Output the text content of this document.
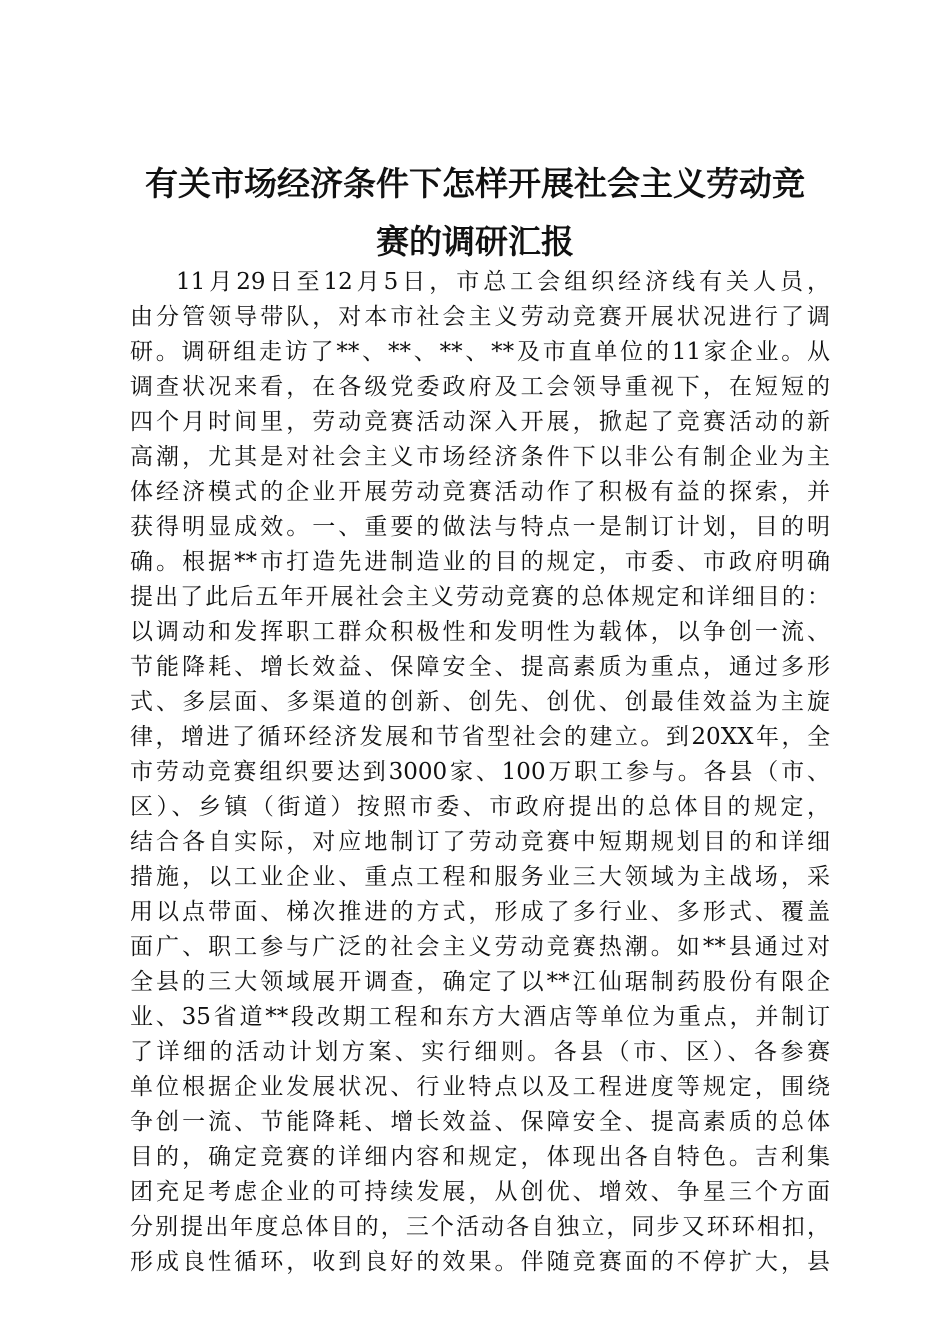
有关市场经济条件下怎样开展社会主义劳动竞
赛的调研汇报
11月29日至12月5日，市总工会组织经济线有关人员，
由分管领导带队，对本市社会主义劳动竞赛开展状况进行了调
研。调研组走访了**、**、**、**及市直单位的11家企业。从
调查状况来看，在各级党委政府及工会领导重视下，在短短的
四个月时间里，劳动竞赛活动深入开展，掀起了竞赛活动的新
高潮，尤其是对社会主义市场经济条件下以非公有制企业为主
体经济模式的企业开展劳动竞赛活动作了积极有益的探索，并
获得明显成效。一、重要的做法与特点一是制订计划，目的明
确。根据**市打造先进制造业的目的规定，市委、市政府明确
提出了此后五年开展社会主义劳动竞赛的总体规定和详细目的：
以调动和发挥职工群众积极性和发明性为载体，以争创一流、
节能降耗、增长效益、保障安全、提高素质为重点，通过多形
式、多层面、多渠道的创新、创先、创优、创最佳效益为主旋
律，增进了循环经济发展和节省型社会的建立。到20XX年，全
市劳动竞赛组织要达到3000家、100万职工参与。各县（市、
区）、乡镇（街道）按照市委、市政府提出的总体目的规定，
结合各自实际，对应地制订了劳动竞赛中短期规划目的和详细
措施，以工业企业、重点工程和服务业三大领域为主战场，采
用以点带面、梯次推进的方式，形成了多行业、多形式、覆盖
面广、职工参与广泛的社会主义劳动竞赛热潮。如**县通过对
全县的三大领域展开调查，确定了以**江仙琚制药股份有限企
业、35省道**段改期工程和东方大酒店等单位为重点，并制订
了详细的活动计划方案、实行细则。各县（市、区）、各参赛
单位根据企业发展状况、行业特点以及工程进度等规定，围绕
争创一流、节能降耗、增长效益、保障安全、提高素质的总体
目的，确定竞赛的详细内容和规定，体现出各自特色。吉利集
团充足考虑企业的可持续发展，从创优、增效、争星三个方面
分别提出年度总体目的，三个活动各自独立，同步又环环相扣，
形成良性循环，收到良好的效果。伴随竞赛面的不停扩大，县
